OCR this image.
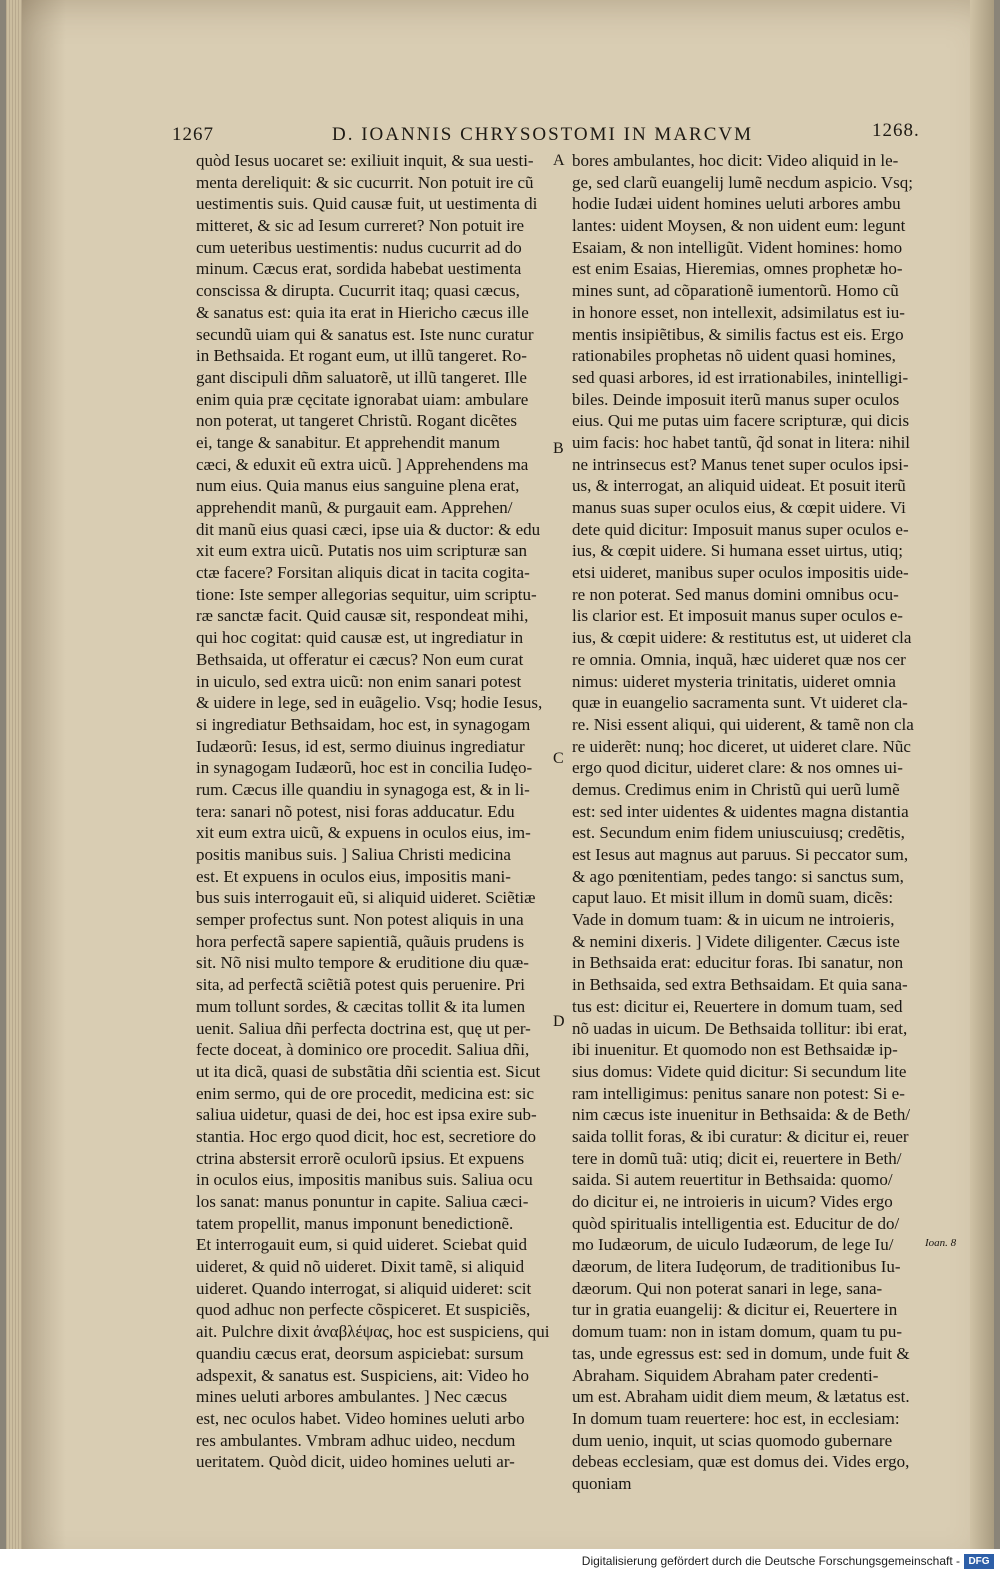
1267	D. IOANNIS CHRYSOSTOMI IN MARCVM	1268.
quòd Iesus uocaret se: exiliuit inquit, & sua uesti-
menta dereliquit: & sic cucurrit. Non potuit ire cũ
uestimentis suis. Quid causæ fuit, ut uestimenta di
mitteret, & sic ad Iesum curreret? Non potuit ire
cum ueteribus uestimentis: nudus cucurrit ad do
minum. Cæcus erat, sordida habebat uestimenta
conscissa & dirupta. Cucurrit itaq; quasi cæcus,
& sanatus est: quia ita erat in Hiericho cæcus ille
secundũ uiam qui & sanatus est. Iste nunc curatur
in Bethsaida. Et rogant eum, ut illũ tangeret. Ro-
gant discipuli dñm saluatorẽ, ut illũ tangeret. Ille
enim quia præ cęcitate ignorabat uiam: ambulare
non poterat, ut tangeret Christũ. Rogant dicẽtes
ei, tange & sanabitur. Et apprehendit manum
cæci, & eduxit eũ extra uicũ. ] Apprehendens ma
num eius. Quia manus eius sanguine plena erat,
apprehendit manũ, & purgauit eam. Apprehen/
dit manũ eius quasi cæci, ipse uia & ductor: & edu
xit eum extra uicũ. Putatis nos uim scripturæ san
ctæ facere? Forsitan aliquis dicat in tacita cogita-
tione: Iste semper allegorias sequitur, uim scriptu-
ræ sanctæ facit. Quid causæ sit, respondeat mihi,
qui hoc cogitat: quid causæ est, ut ingrediatur in
Bethsaida, ut offeratur ei cæcus? Non eum curat
in uiculo, sed extra uicũ: non enim sanari potest
& uidere in lege, sed in euãgelio. Vsq; hodie Iesus,
si ingrediatur Bethsaidam, hoc est, in synagogam
Iudæorũ: Iesus, id est, sermo diuinus ingrediatur
in synagogam Iudæorũ, hoc est in concilia Iudęo-
rum. Cæcus ille quandiu in synagoga est, & in li-
tera: sanari nõ potest, nisi foras adducatur. Edu
xit eum extra uicũ, & expuens in oculos eius, im-
positis manibus suis. ] Saliua Christi medicina
est. Et expuens in oculos eius, impositis mani-
bus suis interrogauit eũ, si aliquid uideret. Sciẽtiæ
semper profectus sunt. Non potest aliquis in una
hora perfectã sapere sapientiã, quãuis prudens is
sit. Nõ nisi multo tempore & eruditione diu quæ-
sita, ad perfectã sciẽtiã potest quis peruenire. Pri
mum tollunt sordes, & cæcitas tollit & ita lumen
uenit. Saliua dñi perfecta doctrina est, quę ut per-
fecte doceat, à dominico ore procedit. Saliua dñi,
ut ita dicã, quasi de substãtia dñi scientia est. Sicut
enim sermo, qui de ore procedit, medicina est: sic
saliua uidetur, quasi de dei, hoc est ipsa exire sub-
stantia. Hoc ergo quod dicit, hoc est, secretiore do
ctrina abstersit errorẽ oculorũ ipsius. Et expuens
in oculos eius, impositis manibus suis. Saliua ocu
los sanat: manus ponuntur in capite. Saliua cæci-
tatem propellit, manus imponunt benedictionẽ.
Et interrogauit eum, si quid uideret. Sciebat quid
uideret, & quid nõ uideret. Dixit tamẽ, si aliquid
uideret. Quando interrogat, si aliquid uideret: scit
quod adhuc non perfecte cõspiceret. Et suspiciẽs,
ait. Pulchre dixit ἀναβλέψας, hoc est suspiciens, qui
quandiu cæcus erat, deorsum aspiciebat: sursum
adspexit, & sanatus est. Suspiciens, ait: Video ho
mines ueluti arbores ambulantes. ] Nec cæcus
est, nec oculos habet. Video homines ueluti arbo
res ambulantes. Vmbram adhuc uideo, necdum
ueritatem. Quòd dicit, uideo homines ueluti ar-
bores ambulantes, hoc dicit: Video aliquid in le-
ge, sed clarũ euangelij lumẽ necdum aspicio. Vsq;
hodie Iudæi uident homines ueluti arbores ambu
lantes: uident Moysen, & non uident eum: legunt
Esaiam, & non intelligũt. Vident homines: homo
est enim Esaias, Hieremias, omnes prophetæ ho-
mines sunt, ad cõparationẽ iumentorũ. Homo cũ
in honore esset, non intellexit, adsimilatus est iu-
mentis insipiẽtibus, & similis factus est eis. Ergo
rationabiles prophetas nõ uident quasi homines,
sed quasi arbores, id est irrationabiles, inintelligi-
biles. Deinde imposuit iterũ manus super oculos
eius. Qui me putas uim facere scripturæ, qui dicis
uim facis: hoc habet tantũ, q̃d sonat in litera: nihil
ne intrinsecus est? Manus tenet super oculos ipsi-
us, & interrogat, an aliquid uideat. Et posuit iterũ
manus suas super oculos eius, & cœpit uidere. Vi
dete quid dicitur: Imposuit manus super oculos e-
ius, & cœpit uidere. Si humana esset uirtus, utiq;
etsi uideret, manibus super oculos impositis uide-
re non poterat. Sed manus domini omnibus ocu-
lis clarior est. Et imposuit manus super oculos e-
ius, & cœpit uidere: & restitutus est, ut uideret cla
re omnia. Omnia, inquã, hæc uideret quæ nos cer
nimus: uideret mysteria trinitatis, uideret omnia
quæ in euangelio sacramenta sunt. Vt uideret cla-
re. Nisi essent aliqui, qui uiderent, & tamẽ non cla
re uiderẽt: nunq; hoc diceret, ut uideret clare. Nũc
ergo quod dicitur, uideret clare: & nos omnes ui-
demus. Credimus enim in Christũ qui uerũ lumẽ
est: sed inter uidentes & uidentes magna distantia
est. Secundum enim fidem uniuscuiusq; credẽtis,
est Iesus aut magnus aut paruus. Si peccator sum,
& ago pœnitentiam, pedes tango: si sanctus sum,
caput lauo. Et misit illum in domũ suam, dicẽs:
Vade in domum tuam: & in uicum ne introieris,
& nemini dixeris. ] Videte diligenter. Cæcus iste
in Bethsaida erat: educitur foras. Ibi sanatur, non
in Bethsaida, sed extra Bethsaidam. Et quia sana-
tus est: dicitur ei, Reuertere in domum tuam, sed
nõ uadas in uicum. De Bethsaida tollitur: ibi erat,
ibi inuenitur. Et quomodo non est Bethsaidæ ip-
sius domus: Videte quid dicitur: Si secundum lite
ram intelligimus: penitus sanare non potest: Si e-
nim cæcus iste inuenitur in Bethsaida: & de Beth/
saida tollit foras, & ibi curatur: & dicitur ei, reuer
tere in domũ tuã: utiq; dicit ei, reuertere in Beth/
saida. Si autem reuertitur in Bethsaida: quomo/
do dicitur ei, ne introieris in uicum? Vides ergo
quòd spiritualis intelligentia est. Educitur de do/
mo Iudæorum, de uiculo Iudæorum, de lege Iu/
dæorum, de litera Iudęorum, de traditionibus Iu-
dæorum. Qui non poterat sanari in lege, sana-
tur in gratia euangelij: & dicitur ei, Reuertere in
domum tuam: non in istam domum, quam tu pu-
tas, unde egressus est: sed in domum, unde fuit &
Abraham. Siquidem Abraham pater credenti-
um est. Abraham uidit diem meum, & lætatus est.
In domum tuam reuertere: hoc est, in ecclesiam:
dum uenio, inquit, ut scias quomodo gubernare
debeas ecclesiam, quæ est domus dei. Vides ergo,
quoniam
A
B
C
D
Ioan. 8
Digitalisierung gefördert durch die Deutsche Forschungsgemeinschaft - DFG
